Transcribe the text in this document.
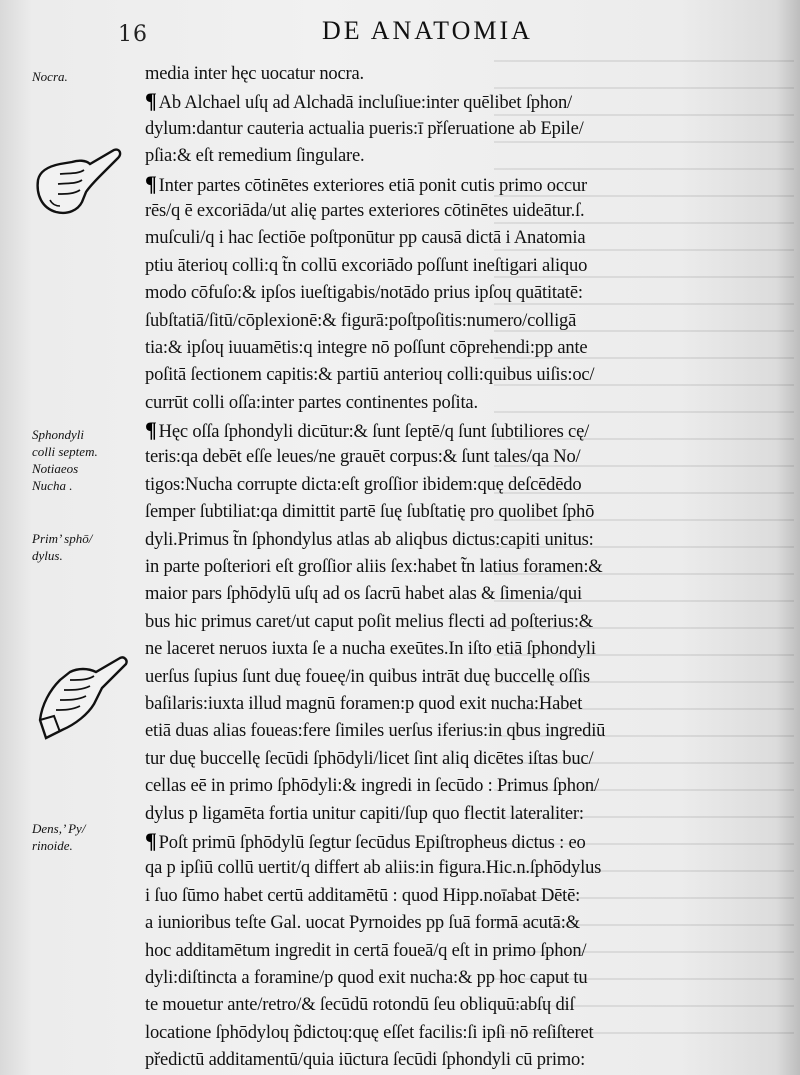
16	DE ANATOMIA
Nocra.
Sphondyli
colli septem.
Notiaeos
Nucha .
Prim’ sphō/
dylus.
Dens,’ Py/
rinoide.
media inter hęc uocatur nocra.
¶ Ab Alchael uſɥ ad Alchadā incluſiue:inter quēlibet ſphon/
dylum:dantur cauteria actualia pueris:ī přſeruatione ab Epile/
pſia:& eſt remedium ſingulare.
¶ Inter partes cōtinētes exteriores etiā ponit cutis primo occur
rēs/q ē excoriāda/ut alię partes exteriores cōtinētes uideātur.ſ.
muſculi/q i hac ſectiōe poſtponūtur pp causā dictā i Anatomia
ptiu āterioɥ colli:q t̃n collū excoriādo poſſunt ineſtigari aliquo
modo cōfuſo:& ipſos iueſtigabis/notādo prius ipſoɥ quātitatē:
ſubſtatiā/ſitū/cōplexionē:& figurā:poſtpoſitis:numero/colligā
tia:& ipſoɥ iuuamētis:q integre nō poſſunt cōprehendi:pp ante
poſitā ſectionem capitis:& partiū anterioɥ colli:quibus uiſis:oc/
currūt colli oſſa:inter partes continentes poſita.
¶ Hęc oſſa ſphondyli dicūtur:& ſunt ſeptē/q ſunt ſubtiliores cę/
teris:qa debēt eſſe leues/ne grauēt corpus:& ſunt tales/qa No/
tigos:Nucha corrupte dicta:eſt groſſior ibidem:quę deſcēdēdo
ſemper ſubtiliat:qa dimittit partē ſuę ſubſtatię pro quolibet ſphō
dyli.Primus t̃n ſphondylus atlas ab aliqbus dictus:capiti unitus:
in parte poſteriori eſt groſſior aliis ſex:habet t̃n latius foramen:&
maior pars ſphōdylū uſɥ ad os ſacrū habet alas & ſimenia/qui
bus hic primus caret/ut caput poſit melius flecti ad poſterius:&
ne laceret neruos iuxta ſe a nucha exeūtes.In iſto etiā ſphondyli
uerſus ſupius ſunt duę foueę/in quibus intrāt duę buccellę oſſis
baſilaris:iuxta illud magnū foramen:p quod exit nucha:Habet
etiā duas alias foueas:fere ſimiles uerſus iferius:in qbus ingrediū
tur duę buccellę ſecūdi ſphōdyli/licet ſint aliq dicētes iſtas buc/
cellas eē in primo ſphōdyli:& ingredi in ſecūdo : Primus ſphon/
dylus p ligamēta fortia unitur capiti/ſup quo flectit lateraliter:
¶ Poſt primū ſphōdylū ſegtur ſecūdus Epiſtropheus dictus : eo
qa p ipſiū collū uertit/q differt ab aliis:in figura.Hic.n.ſphōdylus
i ſuo ſūmo habet certū additamētū : quod Hipp.noīabat Dētē:
a iunioribus teſte Gal. uocat Pyrnoides pp ſuā formā acutā:&
hoc additamētum ingredit in certā foueā/q eſt in primo ſphon/
dyli:diſtincta a foramine/p quod exit nucha:& pp hoc caput tu
te mouetur ante/retro/& ſecūdū rotondū ſeu obliquū:abſɥ diſ
locatione ſphōdyloɥ p̃dictoɥ:quę eſſet facilis:ſi ipſi nō reſiſteret
předictū additamentū/quia iūctura ſecūdi ſphondyli cū primo:
